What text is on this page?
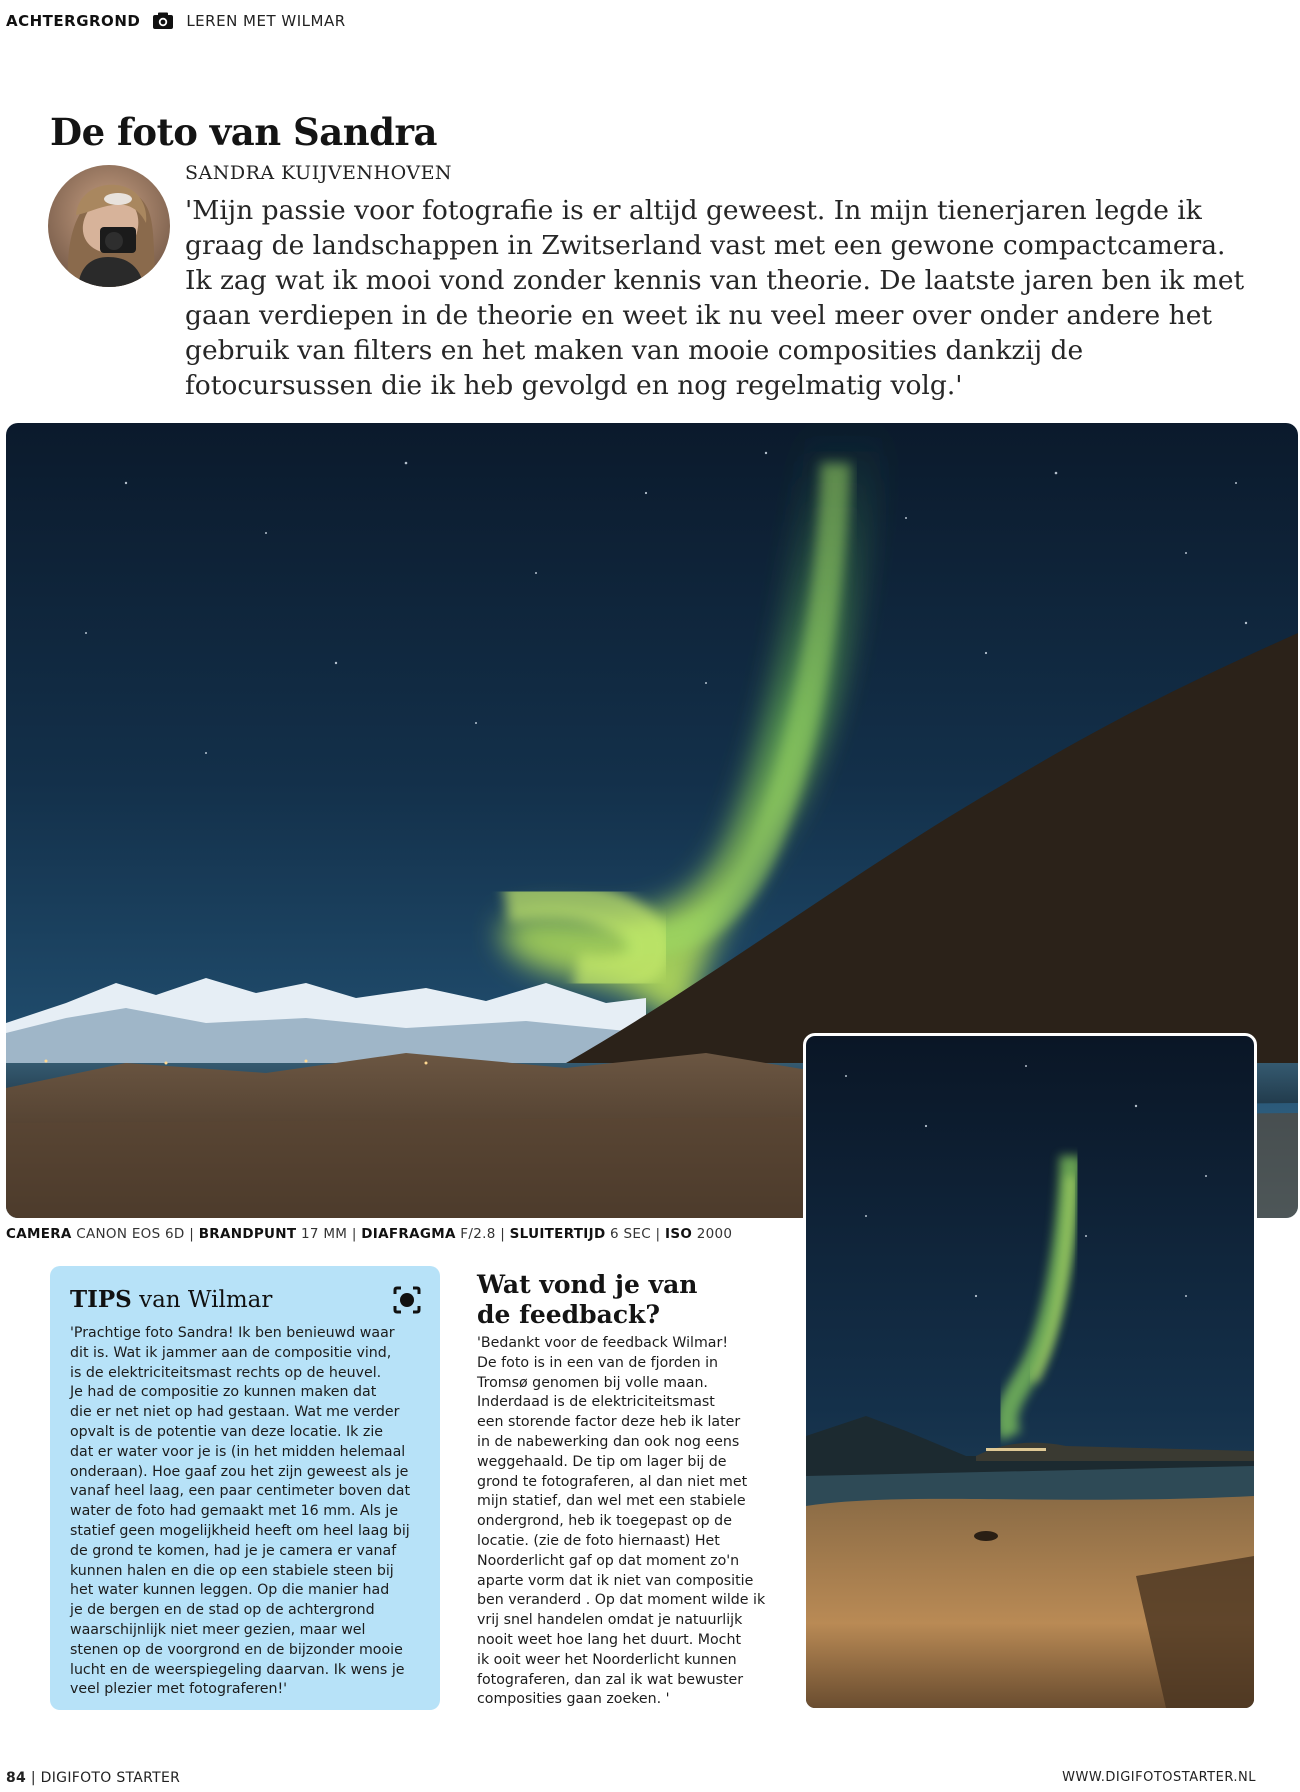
ACHTERGROND	LEREN MET WILMAR
De foto van Sandra
SANDRA KUIJVENHOVEN

'Mijn passie voor fotografie is er altijd geweest. In mijn tienerjaren legde ik graag de landschappen in Zwitserland vast met een gewone compactcamera. Ik zag wat ik mooi vond zonder kennis van theorie. De laatste jaren ben ik met gaan verdiepen in de theorie en weet ik nu veel meer over onder andere het gebruik van filters en het maken van mooie composities dankzij de fotocursussen die ik heb gevolgd en nog regelmatig volg.'

CAMERA CANON EOS 6D | BRANDPUNT 17 MM | DIAFRAGMA F/2.8 | SLUITERTIJD 6 SEC | ISO 2000
TIPS van Wilmar
'Prachtige foto Sandra! Ik ben benieuwd waar
dit is. Wat ik jammer aan de compositie vind,
is de elektriciteitsmast rechts op de heuvel.
Je had de compositie zo kunnen maken dat
die er net niet op had gestaan. Wat me verder
opvalt is de potentie van deze locatie. Ik zie
dat er water voor je is (in het midden helemaal
onderaan). Hoe gaaf zou het zijn geweest als je
vanaf heel laag, een paar centimeter boven dat
water de foto had gemaakt met 16 mm. Als je
statief geen mogelijkheid heeft om heel laag bij
de grond te komen, had je je camera er vanaf
kunnen halen en die op een stabiele steen bij
het water kunnen leggen. Op die manier had
je de bergen en de stad op de achtergrond
waarschijnlijk niet meer gezien, maar wel
stenen op de voorgrond en de bijzonder mooie
lucht en de weerspiegeling daarvan. Ik wens je
veel plezier met fotograferen!'
Wat vond je van
de feedback?
'Bedankt voor de feedback Wilmar!
De foto is in een van de fjorden in
Tromsø genomen bij volle maan.
Inderdaad is de elektriciteitsmast
een storende factor deze heb ik later
in de nabewerking dan ook nog eens
weggehaald. De tip om lager bij de
grond te fotograferen, al dan niet met
mijn statief, dan wel met een stabiele
ondergrond, heb ik toegepast op de
locatie. (zie de foto hiernaast) Het
Noorderlicht gaf op dat moment zo'n
aparte vorm dat ik niet van compositie
ben veranderd . Op dat moment wilde ik
vrij snel handelen omdat je natuurlijk
nooit weet hoe lang het duurt. Mocht
ik ooit weer het Noorderlicht kunnen
fotograferen, dan zal ik wat bewuster
composities gaan zoeken. '
84 | DIGIFOTO STARTER	WWW.DIGIFOTOSTARTER.NL
